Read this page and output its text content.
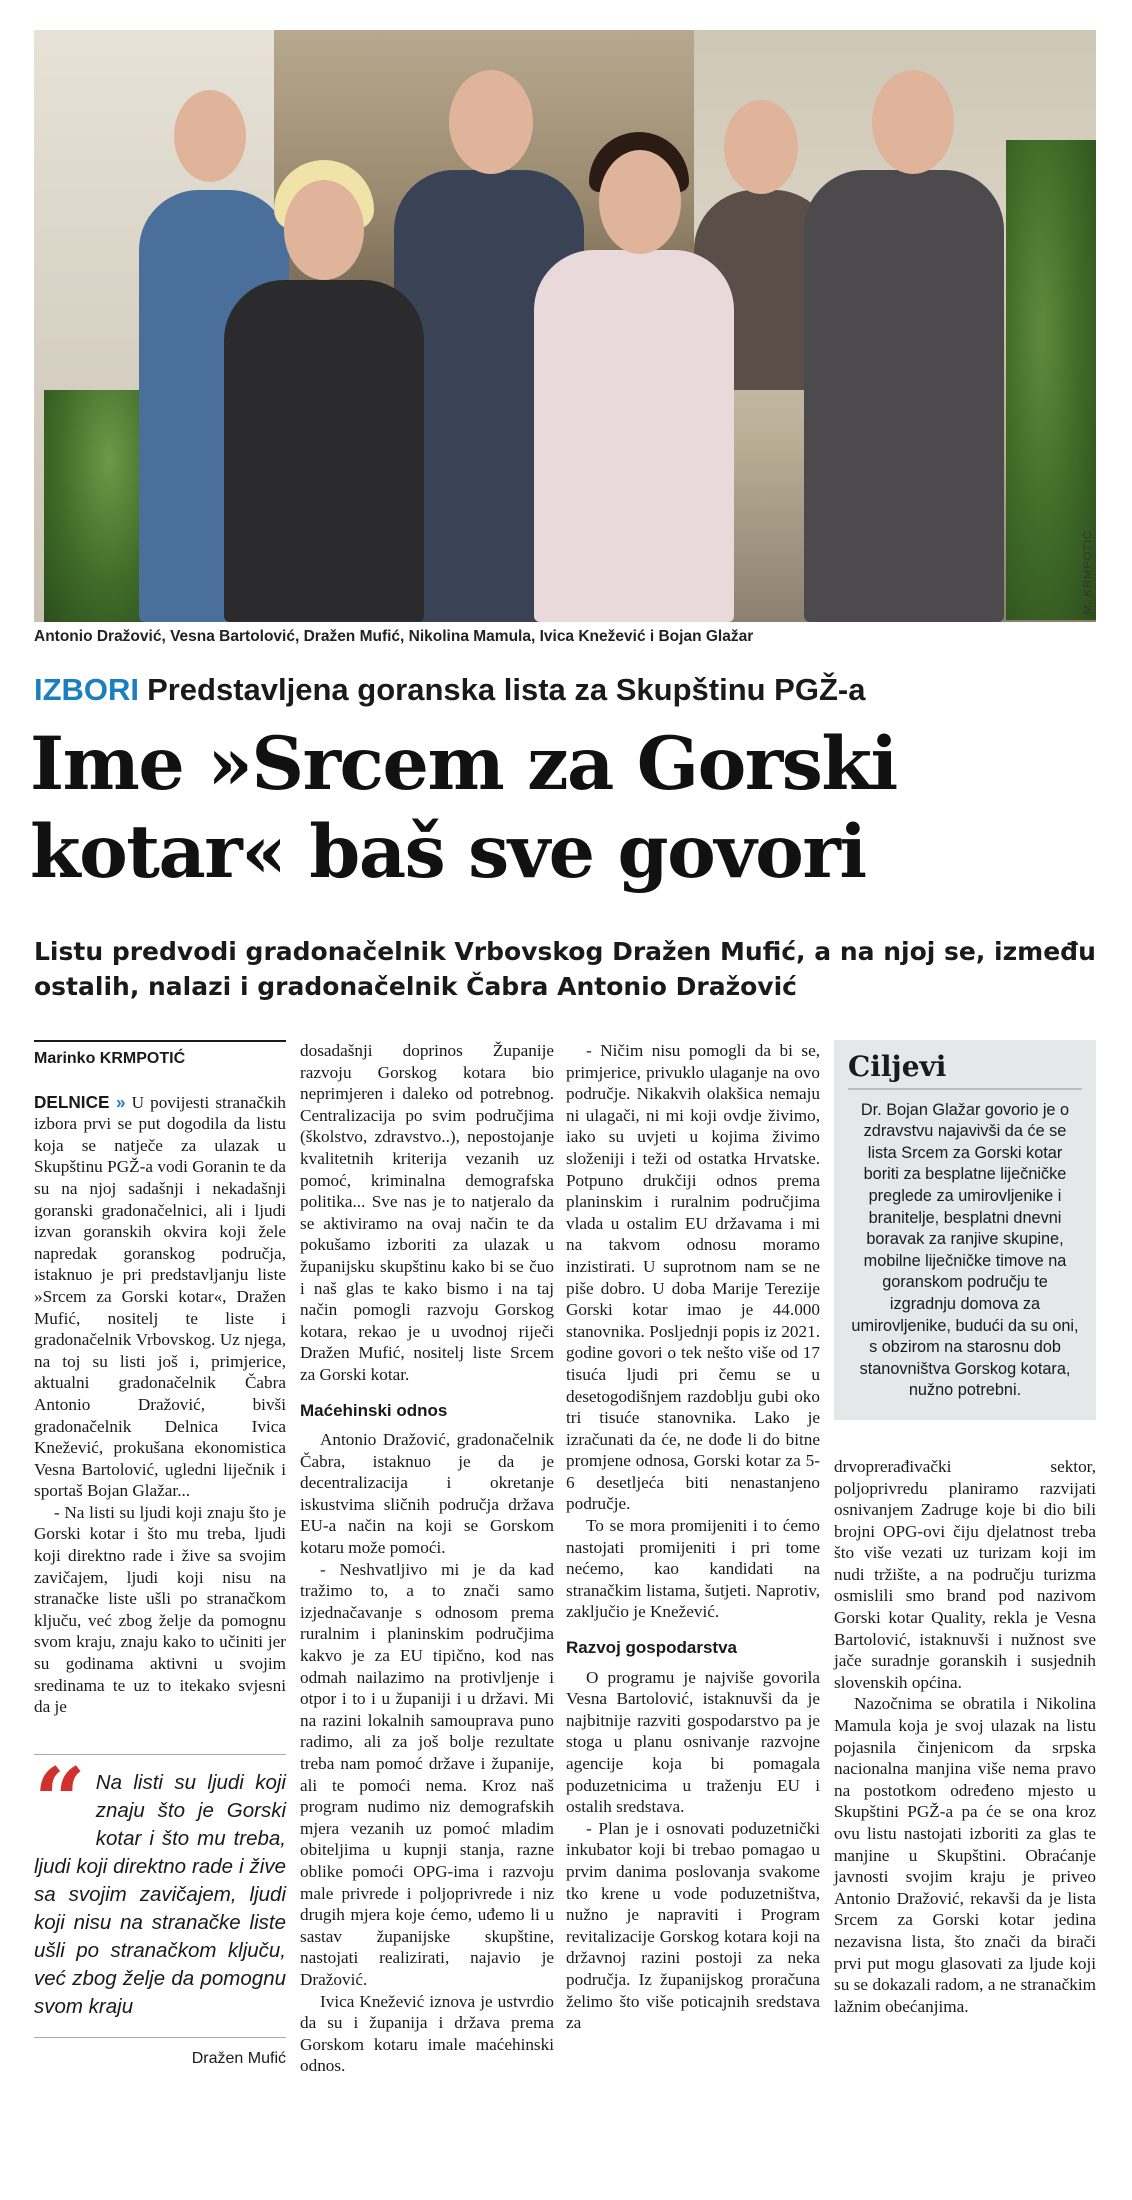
M. KRMPOTIĆ
Antonio Dražović, Vesna Bartolović, Dražen Mufić, Nikolina Mamula, Ivica Knežević i Bojan Glažar
IZBORI Predstavljena goranska lista za Skupštinu PGŽ-a
Ime »Srcem za Gorski kotar« baš sve govori
Listu predvodi gradonačelnik Vrbovskog Dražen Mufić, a na njoj se, između ostalih, nalazi i gradonačelnik Čabra Antonio Dražović
Marinko KRMPOTIĆ

DELNICE » U povijesti stranačkih izbora prvi se put dogodila da listu koja se natječe za ulazak u Skupštinu PGŽ-a vodi Goranin te da su na njoj sadašnji i nekadašnji goranski gradonačelnici, ali i ljudi izvan goranskih okvira koji žele napredak goranskog područja, istaknuo je pri predstavljanju liste »Srcem za Gorski kotar«, Dražen Mufić, nositelj te liste i gradonačelnik Vrbovskog. Uz njega, na toj su listi još i, primjerice, aktualni gradonačelnik Čabra Antonio Dražović, bivši gradonačelnik Delnica Ivica Knežević, prokušana ekonomistica Vesna Bartolović, ugledni liječnik i sportaš Bojan Glažar...

- Na listi su ljudi koji znaju što je Gorski kotar i što mu treba, ljudi koji direktno rade i žive sa svojim zavičajem, ljudi koji nisu na stranačke liste ušli po stranačkom ključu, već zbog želje da pomognu svom kraju, znaju kako to učiniti jer su godinama aktivni u svojim sredinama te uz to itekako svjesni da je

“ Na listi su ljudi koji znaju što je Gorski kotar i što mu treba, ljudi koji direktno rade i žive sa svojim zavičajem, ljudi koji nisu na stranačke liste ušli po stranačkom ključu, već zbog želje da pomognu svom kraju
Dražen Mufić

dosadašnji doprinos Županije razvoju Gorskog kotara bio neprimjeren i daleko od potrebnog. Centralizacija po svim područjima (školstvo, zdravstvo..), nepostojanje kvalitetnih kriterija vezanih uz pomoć, kriminalna demografska politika... Sve nas je to natjeralo da se aktiviramo na ovaj način te da pokušamo izboriti za ulazak u županijsku skupštinu kako bi se čuo i naš glas te kako bismo i na taj način pomogli razvoju Gorskog kotara, rekao je u uvodnoj riječi Dražen Mufić, nositelj liste Srcem za Gorski kotar.

Maćehinski odnos

Antonio Dražović, gradonačelnik Čabra, istaknuo je da je decentralizacija i okretanje iskustvima sličnih područja država EU-a način na koji se Gorskom kotaru može pomoći.

- Neshvatljivo mi je da kad tražimo to, a to znači samo izjednačavanje s odnosom prema ruralnim i planinskim područjima kakvo je za EU tipično, kod nas odmah nailazimo na protivljenje i otpor i to i u županiji i u državi. Mi na razini lokalnih samouprava puno radimo, ali za još bolje rezultate treba nam pomoć države i županije, ali te pomoći nema. Kroz naš program nudimo niz demografskih mjera vezanih uz pomoć mladim obiteljima u kupnji stanja, razne oblike pomoći OPG-ima i razvoju male privrede i poljoprivrede i niz drugih mjera koje ćemo, uđemo li u sastav županijske skupštine, nastojati realizirati, najavio je Dražović.

Ivica Knežević iznova je ustvrdio da su i županija i država prema Gorskom kotaru imale maćehinski odnos.

- Ničim nisu pomogli da bi se, primjerice, privuklo ulaganje na ovo područje. Nikakvih olakšica nemaju ni ulagači, ni mi koji ovdje živimo, iako su uvjeti u kojima živimo složeniji i teži od ostatka Hrvatske. Potpuno drukčiji odnos prema planinskim i ruralnim područjima vlada u ostalim EU državama i mi na takvom odnosu moramo inzistirati. U suprotnom nam se ne piše dobro. U doba Marije Terezije Gorski kotar imao je 44.000 stanovnika. Posljednji popis iz 2021. godine govori o tek nešto više od 17 tisuća ljudi pri čemu se u desetogodišnjem razdoblju gubi oko tri tisuće stanovnika. Lako je izračunati da će, ne dođe li do bitne promjene odnosa, Gorski kotar za 5-6 desetljeća biti nenastanjeno područje.

To se mora promijeniti i to ćemo nastojati promijeniti i pri tome nećemo, kao kandidati na stranačkim listama, šutjeti. Naprotiv, zaključio je Knežević.

Razvoj gospodarstva

O programu je najviše govorila Vesna Bartolović, istaknuvši da je najbitnije razviti gospodarstvo pa je stoga u planu osnivanje razvojne agencije koja bi pomagala poduzetnicima u traženju EU i ostalih sredstava.

- Plan je i osnovati poduzetnički inkubator koji bi trebao pomagao u prvim danima poslovanja svakome tko krene u vode poduzetništva, nužno je napraviti i Program revitalizacije Gorskog kotara koji na državnoj razini postoji za neka područja. Iz županijskog proračuna želimo što više poticajnih sredstava za

Ciljevi

Dr. Bojan Glažar govorio je o zdravstvu najavivši da će se lista Srcem za Gorski kotar boriti za besplatne liječničke preglede za umirovljenike i branitelje, besplatni dnevni boravak za ranjive skupine, mobilne liječničke timove na goranskom području te izgradnju domova za umirovljenike, budući da su oni, s obzirom na starosnu dob stanovništva Gorskog kotara, nužno potrebni.

drvoprerađivački sektor, poljoprivredu planiramo razvijati osnivanjem Zadruge koje bi dio bili brojni OPG-ovi čiju djelatnost treba što više vezati uz turizam koji im nudi tržište, a na području turizma osmislili smo brand pod nazivom Gorski kotar Quality, rekla je Vesna Bartolović, istaknuvši i nužnost sve jače suradnje goranskih i susjednih slovenskih općina.

Nazočnima se obratila i Nikolina Mamula koja je svoj ulazak na listu pojasnila činjenicom da srpska nacionalna manjina više nema pravo na postotkom određeno mjesto u Skupštini PGŽ-a pa će se ona kroz ovu listu nastojati izboriti za glas te manjine u Skupštini. Obraćanje javnosti svojim kraju je priveo Antonio Dražović, rekavši da je lista Srcem za Gorski kotar jedina nezavisna lista, što znači da birači prvi put mogu glasovati za ljude koji su se dokazali radom, a ne stranačkim lažnim obećanjima.
